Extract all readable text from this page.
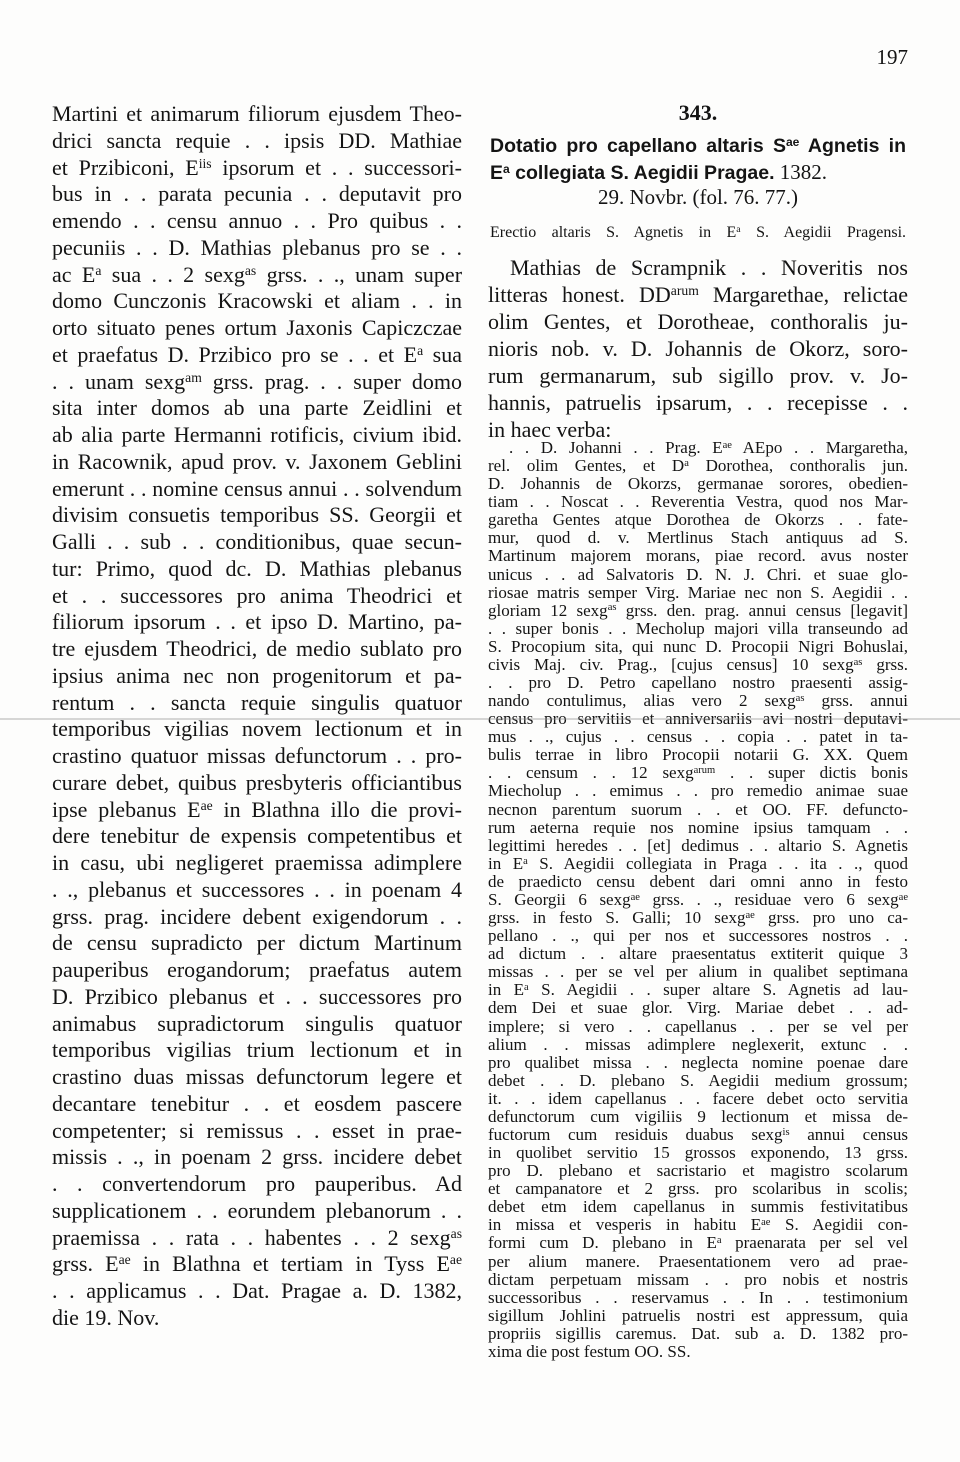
197
Martini et animarum filiorum ejusdem Theo-
drici sancta requie . . ipsis DD. Mathiae
et Przibiconi, $E^{iis}$ ipsorum et . . successori-
bus in . . parata pecunia . . deputavit pro
emendo . . censu annuo . . Pro quibus . .
pecuniis . . D. Mathias plebanus pro se . .
ac $E^a$ sua . . 2 sexg$^{as}$ grss. . ., unam super
domo Cunczonis Kracowski et aliam . . in
orto situato penes ortum Jaxonis Capiczczae
et praefatus D. Przibico pro se . . et $E^a$ sua
. . unam sexg$^{am}$ grss. prag. . . super domo
sita inter domos ab una parte Zeidlini et
ab alia parte Hermanni rotificis, civium ibid.
in Racownik, apud prov. v. Jaxonem Geblini
emerunt . . nomine census annui . . solvendum
divisim consuetis temporibus SS. Georgii et
Galli . . sub . . conditionibus, quae secun-
tur: Primo, quod dc. D. Mathias plebanus
et . . successores pro anima Theodrici et
filiorum ipsorum . . et ipso D. Martino, pa-
tre ejusdem Theodrici, de medio sublato pro
ipsius anima nec non progenitorum et pa-
rentum . . sancta requie singulis quatuor
temporibus vigilias novem lectionum et in
crastino quatuor missas defunctorum . . pro-
curare debet, quibus presbyteris officiantibus
ipse plebanus $E^{ae}$ in Blathna illo die provi-
dere tenebitur de expensis competentibus et
in casu, ubi negligeret praemissa adimplere
. ., plebanus et successores . . in poenam 4
grss. prag. incidere debent exigendorum . .
de censu supradicto per dictum Martinum
pauperibus erogandorum; praefatus autem
D. Przibico plebanus et . . successores pro
animabus supradictorum singulis quatuor
temporibus vigilias trium lectionum et in
crastino duas missas defunctorum legere et
decantare tenebitur . . et eosdem pascere
competenter; si remissus . . esset in prae-
missis . ., in poenam 2 grss. incidere debet
. . convertendorum pro pauperibus. Ad
supplicationem . . eorundem plebanorum . .
praemissa . . rata . . habentes . . 2 sexg$^{as}$
grss. $E^{ae}$ in Blathna et tertiam in Tyss $E^{ae}$
. . applicamus . . Dat. Pragae a. D. 1382,
die 19. Nov.
343.
Dotatio pro capellano altaris $S^{ae}$ Agnetis in
$E^a$ collegiata S. Aegidii Pragae. 1382.
29. Novbr. (fol. 76. 77.)
Erectio altaris S. Agnetis in $E^a$ S. Aegidii Pragensi.
Mathias de Scrampnik . . Noveritis nos
litteras honest. $DD^{arum}$ Margarethae, relictae
olim Gentes, et Dorotheae, conthoralis ju-
nioris nob. v. D. Johannis de Okorz, soro-
rum germanarum, sub sigillo prov. v. Jo-
hannis, patruelis ipsarum, . . recepisse . .
in haec verba:
. . D. Johanni . . Prag. $E^{ae}$ AEpo . . Margaretha,
rel. olim Gentes, et $D^a$ Dorothea, conthoralis jun.
D. Johannis de Okorzs, germanae sorores, obedien-
tiam . . Noscat . . Reverentia Vestra, quod nos Mar-
garetha Gentes atque Dorothea de Okorzs . . fate-
mur, quod d. v. Mertlinus Stach antiquus ad S.
Martinum majorem morans, piae record. avus noster
unicus . . ad Salvatoris D. N. J. Chri. et suae glo-
riosae matris semper Virg. Mariae nec non S. Aegidii . .
gloriam 12 sexg$^{as}$ grss. den. prag. annui census [legavit]
. . super bonis . . Mecholup majori villa transeundo ad
S. Procopium sita, qui nunc D. Procopii Nigri Bohuslai,
civis Maj. civ. Prag., [cujus census] 10 sexg$^{as}$ grss.
. . pro D. Petro capellano nostro praesenti assig-
nando contulimus, alias vero 2 sexg$^{as}$ grss. annui
census pro servitiis et anniversariis avi nostri deputavi-
mus . ., cujus . . census . . copia . . patet in ta-
bulis terrae in libro Procopii notarii G. XX. Quem
. . censum . . 12 sexg$^{arum}$ . . super dictis bonis
Miecholup . . emimus . . pro remedio animae suae
necnon parentum suorum . . et OO. FF. defuncto-
rum aeterna requie nos nomine ipsius tamquam . .
legittimi heredes . . [et] dedimus . . altario S. Agnetis
in $E^a$ S. Aegidii collegiata in Praga . . ita . ., quod
de praedicto censu debent dari omni anno in festo
S. Georgii 6 sexg$^{ae}$ grss. . ., residuae vero 6 sexg$^{ae}$
grss. in festo S. Galli; 10 sexg$^{ae}$ grss. pro uno ca-
pellano . ., qui per nos et successores nostros . .
ad dictum . . altare praesentatus extiterit quique 3
missas . . per se vel per alium in qualibet septimana
in $E^a$ S. Aegidii . . super altare S. Agnetis ad lau-
dem Dei et suae glor. Virg. Mariae debet . . ad-
implere; si vero . . capellanus . . per se vel per
alium . . missas adimplere neglexerit, extunc . .
pro qualibet missa . . neglecta nomine poenae dare
debet . . D. plebano S. Aegidii medium grossum;
it. . . idem capellanus . . facere debet octo servitia
defunctorum cum vigiliis 9 lectionum et missa de-
fuctorum cum residuis duabus sexg$^{is}$ annui census
in quolibet servitio 15 grossos exponendo, 13 grss.
pro D. plebano et sacristario et magistro scolarum
et campanatore et 2 grss. pro scolaribus in scolis;
debet etm idem capellanus in summis festivitatibus
in missa et vesperis in habitu $E^{ae}$ S. Aegidii con-
formi cum D. plebano in $E^a$ praenarata per sel vel
per alium manere. Praesentationem vero ad prae-
dictam perpetuam missam . . pro nobis et nostris
successoribus . . reservamus . . In . . testimonium
sigillum Johlini patruelis nostri est appressum, quia
propriis sigillis caremus. Dat. sub a. D. 1382 pro-
xima die post festum OO. SS.
